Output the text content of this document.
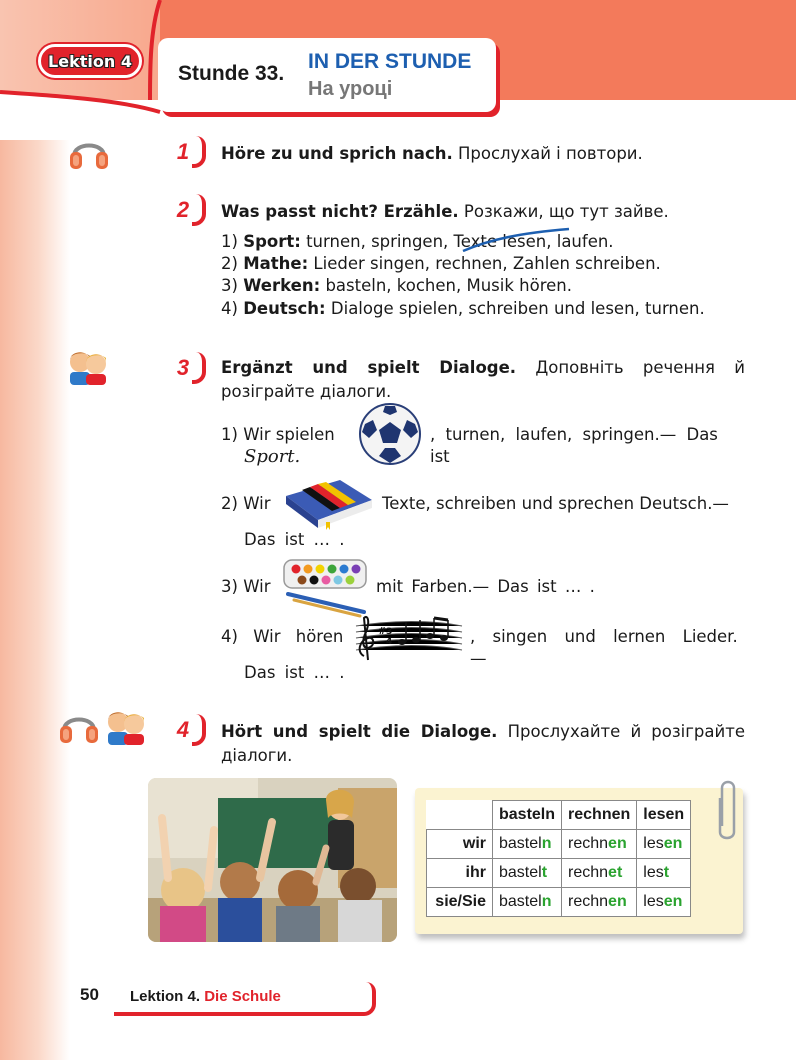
Lektion 4
Stunde 33.
IN DER STUNDE
На уроці
1 Höre zu und sprich nach. Прослухай і повтори.
2 Was passt nicht? Erzähle. Розкажи, що тут зайве.
1) Sport: turnen, springen, Texte lesen, laufen.
2) Mathe: Lieder singen, rechnen, Zahlen schreiben.
3) Werken: basteln, kochen, Musik hören.
4) Deutsch: Dialoge spielen, schreiben und lesen, turnen.
3 Ergänzt und spielt Dialoge. Доповніть речення й розіграйте діалоги.
1) Wir spielen	, turnen, laufen, springen.— Das ist
Sport.
2) Wir	Texte, schreiben und sprechen Deutsch.—
Das ist … .
3) Wir	mit Farben.— Das ist … .
4) Wir hören	# 3
4	, singen und lernen Lieder.—
Das ist … .
4 Hört und spielt die Dialoge. Прослухайте й розіграйте діалоги.
	basteln	rechnen	lesen
wir	basteln	rechnen	lesen
ihr	bastelt	rechnet	lest
sie/Sie	basteln	rechnen	lesen
50 Lektion 4. Die Schule
